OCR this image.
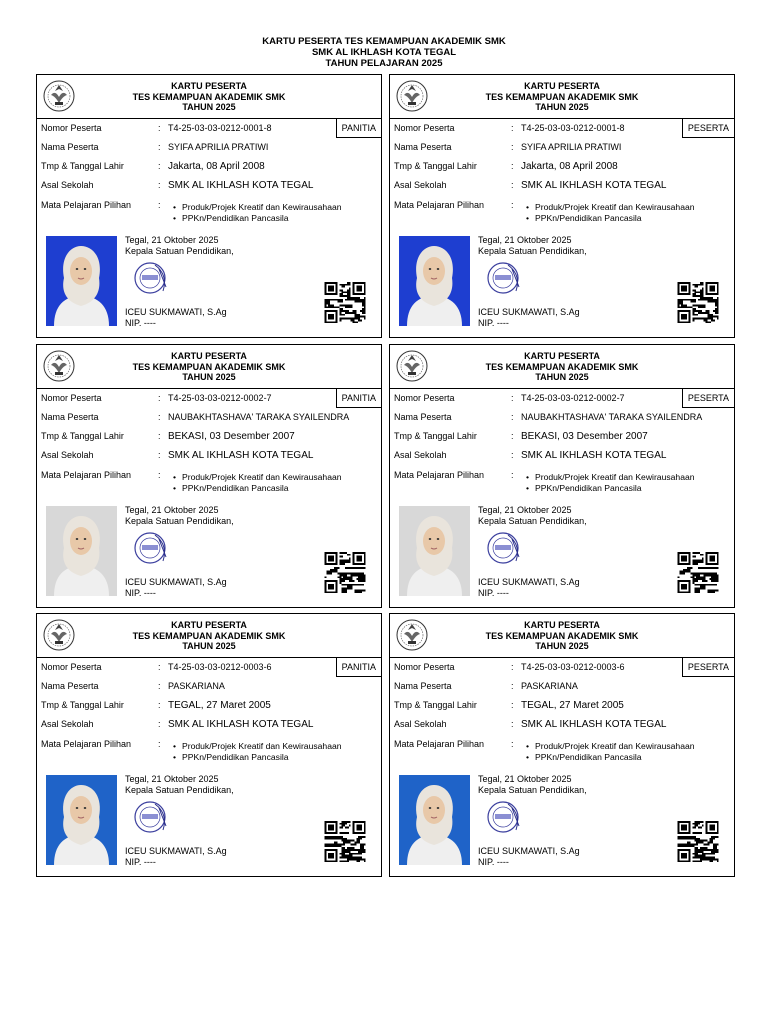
KARTU PESERTA TES KEMAMPUAN AKADEMIK SMK
SMK AL IKHLASH KOTA TEGAL
TAHUN PELAJARAN 2025
KARTU PESERTA
TES KEMAMPUAN AKADEMIK SMK
TAHUN 2025
PANITIA
Nomor Peserta	: T4-25-03-03-0212-0001-8
Nama Peserta	: SYIFA APRILIA PRATIWI
Tmp & Tanggal Lahir	: Jakarta, 08 April 2008
Asal Sekolah	: SMK AL IKHLASH KOTA TEGAL
Mata Pelajaran Pilihan	:	• Produk/Projek Kreatif dan Kewirausahaan
• PPKn/Pendidikan Pancasila
Tegal, 21 Oktober 2025
Kepala Satuan Pendidikan,
ICEU SUKMAWATI, S.Ag
NIP. ----
KARTU PESERTA
TES KEMAMPUAN AKADEMIK SMK
TAHUN 2025
PESERTA
Nomor Peserta	: T4-25-03-03-0212-0001-8
Nama Peserta	: SYIFA APRILIA PRATIWI
Tmp & Tanggal Lahir	: Jakarta, 08 April 2008
Asal Sekolah	: SMK AL IKHLASH KOTA TEGAL
Mata Pelajaran Pilihan	:	• Produk/Projek Kreatif dan Kewirausahaan
• PPKn/Pendidikan Pancasila
Tegal, 21 Oktober 2025
Kepala Satuan Pendidikan,
ICEU SUKMAWATI, S.Ag
NIP. ----
KARTU PESERTA
TES KEMAMPUAN AKADEMIK SMK
TAHUN 2025
PANITIA
Nomor Peserta	: T4-25-03-03-0212-0002-7
Nama Peserta	: NAUBAKHTASHAVA' TARAKA SYAILENDRA
Tmp & Tanggal Lahir	: BEKASI, 03 Desember 2007
Asal Sekolah	: SMK AL IKHLASH KOTA TEGAL
Mata Pelajaran Pilihan	:	• Produk/Projek Kreatif dan Kewirausahaan
• PPKn/Pendidikan Pancasila
Tegal, 21 Oktober 2025
Kepala Satuan Pendidikan,
ICEU SUKMAWATI, S.Ag
NIP. ----
KARTU PESERTA
TES KEMAMPUAN AKADEMIK SMK
TAHUN 2025
PESERTA
Nomor Peserta	: T4-25-03-03-0212-0002-7
Nama Peserta	: NAUBAKHTASHAVA' TARAKA SYAILENDRA
Tmp & Tanggal Lahir	: BEKASI, 03 Desember 2007
Asal Sekolah	: SMK AL IKHLASH KOTA TEGAL
Mata Pelajaran Pilihan	:	• Produk/Projek Kreatif dan Kewirausahaan
• PPKn/Pendidikan Pancasila
Tegal, 21 Oktober 2025
Kepala Satuan Pendidikan,
ICEU SUKMAWATI, S.Ag
NIP. ----
KARTU PESERTA
TES KEMAMPUAN AKADEMIK SMK
TAHUN 2025
PANITIA
Nomor Peserta	: T4-25-03-03-0212-0003-6
Nama Peserta	: PASKARIANA
Tmp & Tanggal Lahir	: TEGAL, 27 Maret 2005
Asal Sekolah	: SMK AL IKHLASH KOTA TEGAL
Mata Pelajaran Pilihan	:	• Produk/Projek Kreatif dan Kewirausahaan
• PPKn/Pendidikan Pancasila
Tegal, 21 Oktober 2025
Kepala Satuan Pendidikan,
ICEU SUKMAWATI, S.Ag
NIP. ----
KARTU PESERTA
TES KEMAMPUAN AKADEMIK SMK
TAHUN 2025
PESERTA
Nomor Peserta	: T4-25-03-03-0212-0003-6
Nama Peserta	: PASKARIANA
Tmp & Tanggal Lahir	: TEGAL, 27 Maret 2005
Asal Sekolah	: SMK AL IKHLASH KOTA TEGAL
Mata Pelajaran Pilihan	:	• Produk/Projek Kreatif dan Kewirausahaan
• PPKn/Pendidikan Pancasila
Tegal, 21 Oktober 2025
Kepala Satuan Pendidikan,
ICEU SUKMAWATI, S.Ag
NIP. ----
